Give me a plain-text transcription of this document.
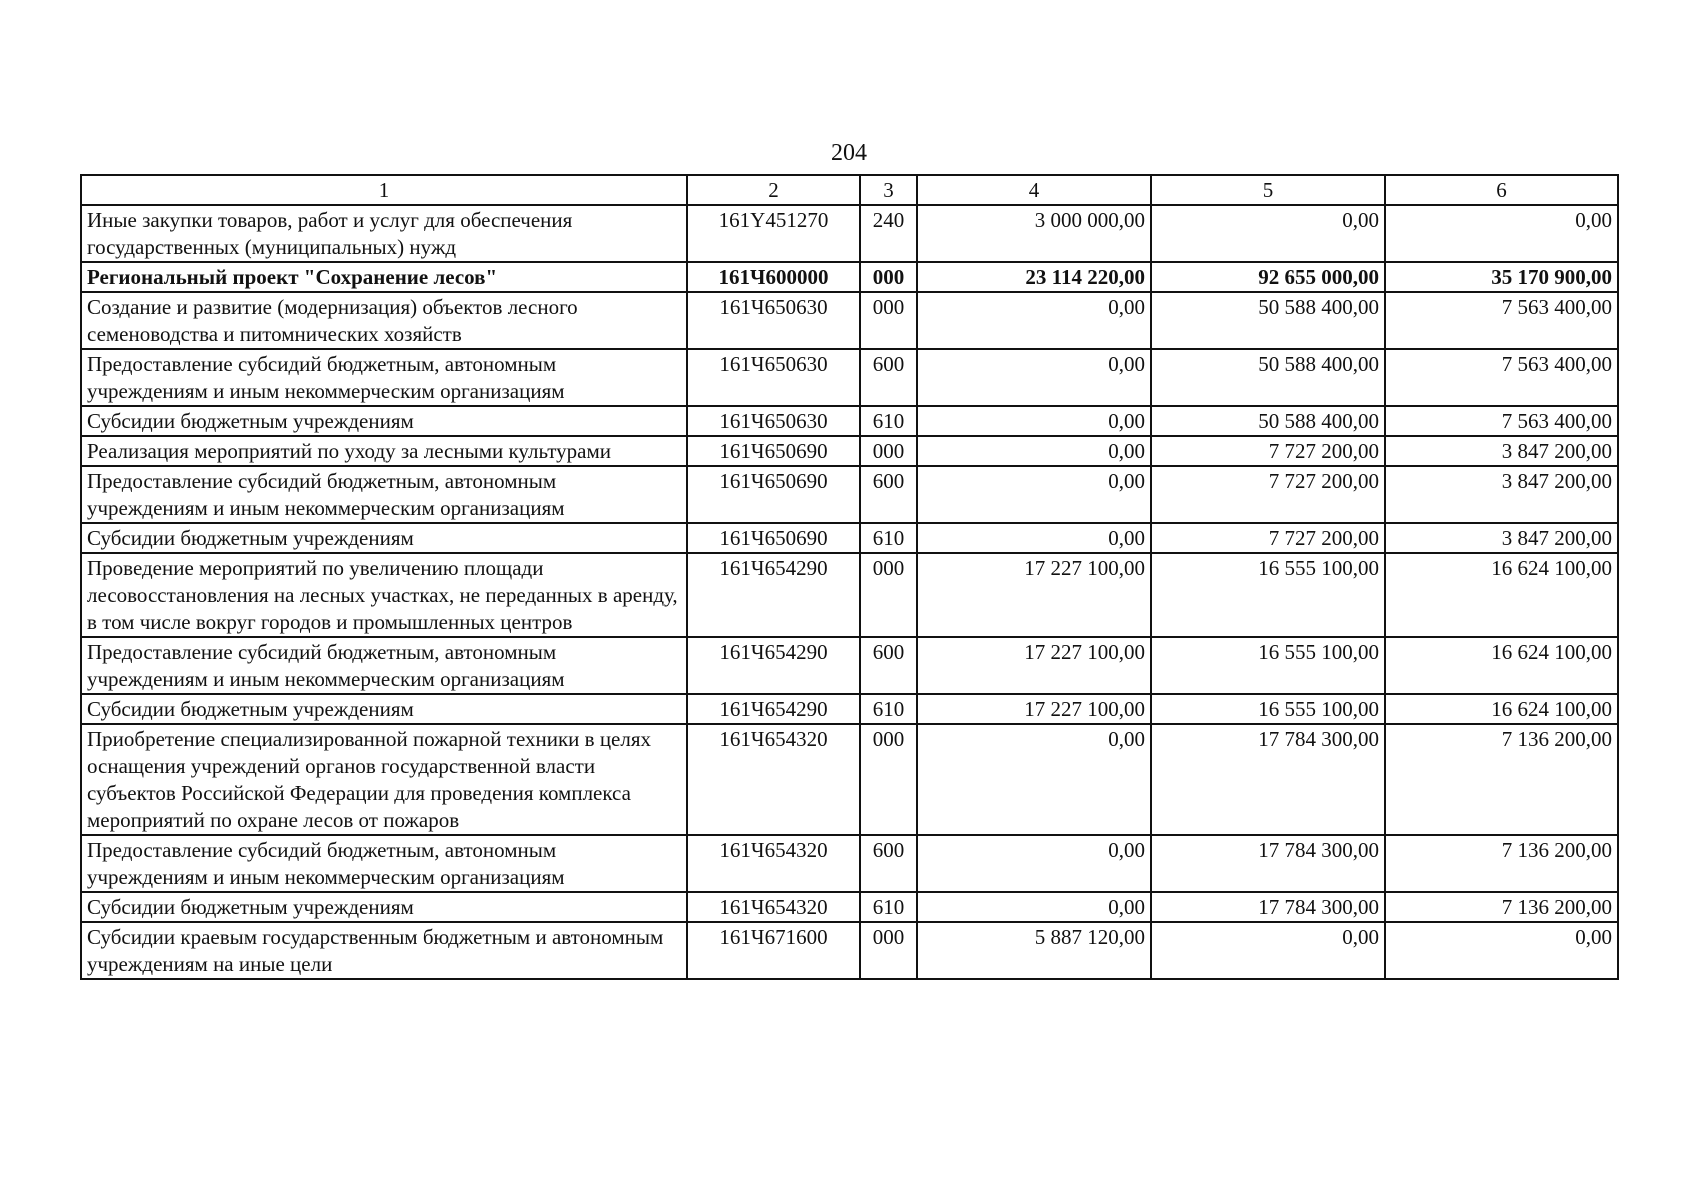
204
1	2	3	4	5	6
Иные закупки товаров, работ и услуг для обеспечения государственных (муниципальных) нужд	161Y451270	240	3 000 000,00	0,00	0,00
Региональный проект "Сохранение лесов"	161Ч600000	000	23 114 220,00	92 655 000,00	35 170 900,00
Создание и развитие (модернизация) объектов лесного семеноводства и питомнических хозяйств	161Ч650630	000	0,00	50 588 400,00	7 563 400,00
Предоставление субсидий бюджетным, автономным учреждениям и иным некоммерческим организациям	161Ч650630	600	0,00	50 588 400,00	7 563 400,00
Субсидии бюджетным учреждениям	161Ч650630	610	0,00	50 588 400,00	7 563 400,00
Реализация мероприятий по уходу за лесными культурами	161Ч650690	000	0,00	7 727 200,00	3 847 200,00
Предоставление субсидий бюджетным, автономным учреждениям и иным некоммерческим организациям	161Ч650690	600	0,00	7 727 200,00	3 847 200,00
Субсидии бюджетным учреждениям	161Ч650690	610	0,00	7 727 200,00	3 847 200,00
Проведение мероприятий по увеличению площади лесовосстановления на лесных участках, не переданных в аренду, в том числе вокруг городов и промышленных центров	161Ч654290	000	17 227 100,00	16 555 100,00	16 624 100,00
Предоставление субсидий бюджетным, автономным учреждениям и иным некоммерческим организациям	161Ч654290	600	17 227 100,00	16 555 100,00	16 624 100,00
Субсидии бюджетным учреждениям	161Ч654290	610	17 227 100,00	16 555 100,00	16 624 100,00
Приобретение специализированной пожарной техники в целях оснащения учреждений органов государственной власти субъектов Российской Федерации для проведения комплекса мероприятий по охране лесов от пожаров	161Ч654320	000	0,00	17 784 300,00	7 136 200,00
Предоставление субсидий бюджетным, автономным учреждениям и иным некоммерческим организациям	161Ч654320	600	0,00	17 784 300,00	7 136 200,00
Субсидии бюджетным учреждениям	161Ч654320	610	0,00	17 784 300,00	7 136 200,00
Субсидии краевым государственным бюджетным и автономным учреждениям на иные цели	161Ч671600	000	5 887 120,00	0,00	0,00
